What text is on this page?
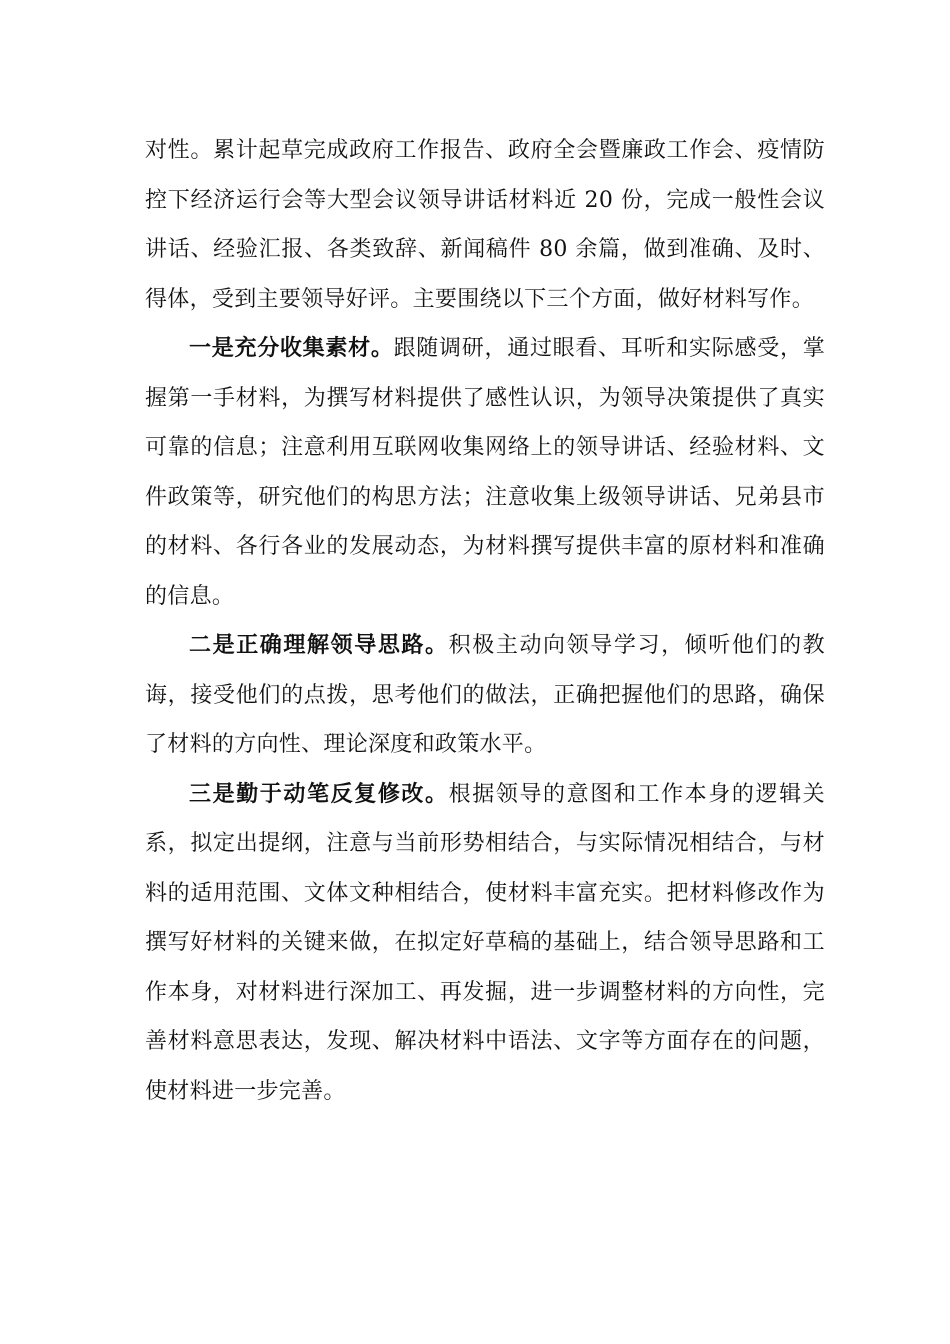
对性。累计起草完成政府工作报告、政府全会暨廉政工作会、疫情防控下经济运行会等大型会议领导讲话材料近 20 份，完成一般性会议讲话、经验汇报、各类致辞、新闻稿件 80 余篇，做到准确、及时、得体，受到主要领导好评。主要围绕以下三个方面，做好材料写作。

一是充分收集素材。跟随调研，通过眼看、耳听和实际感受，掌握第一手材料，为撰写材料提供了感性认识，为领导决策提供了真实可靠的信息；注意利用互联网收集网络上的领导讲话、经验材料、文件政策等，研究他们的构思方法；注意收集上级领导讲话、兄弟县市的材料、各行各业的发展动态，为材料撰写提供丰富的原材料和准确的信息。

二是正确理解领导思路。积极主动向领导学习，倾听他们的教诲，接受他们的点拨，思考他们的做法，正确把握他们的思路，确保了材料的方向性、理论深度和政策水平。

三是勤于动笔反复修改。根据领导的意图和工作本身的逻辑关系，拟定出提纲，注意与当前形势相结合，与实际情况相结合，与材料的适用范围、文体文种相结合，使材料丰富充实。把材料修改作为撰写好材料的关键来做，在拟定好草稿的基础上，结合领导思路和工作本身，对材料进行深加工、再发掘，进一步调整材料的方向性，完善材料意思表达，发现、解决材料中语法、文字等方面存在的问题，使材料进一步完善。
